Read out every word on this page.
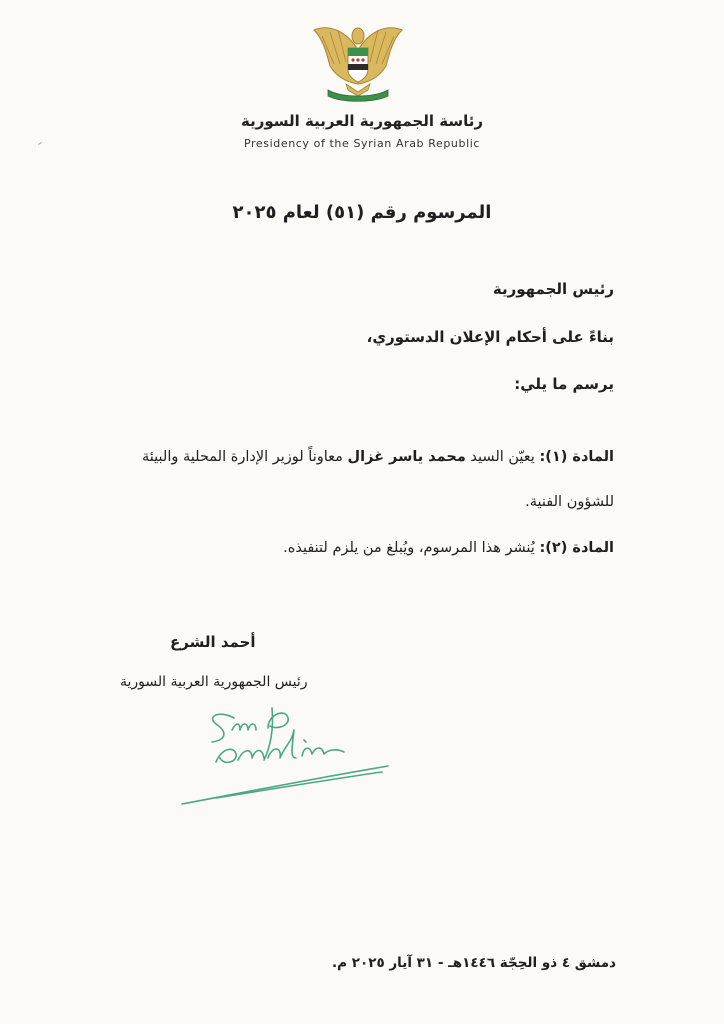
رئاسة الجمهورية العربية السورية
Presidency of the Syrian Arab Republic
المرسوم رقم (٥١) لعام ٢٠٢٥
رئيس الجمهورية
بناءً على أحكام الإعلان الدستوري،
يرسم ما يلي:
المادة (١): يعيّن السيد محمد ياسر غزال معاوناً لوزير الإدارة المحلية والبيئة
للشؤون الفنية.
المادة (٢): يُنشر هذا المرسوم، ويُبلغ من يلزم لتنفيذه.
أحمد الشرع
رئيس الجمهورية العربية السورية
دمشق ٤ ذو الحِجّة ١٤٤٦هـ - ٣١ آيار ٢٠٢٥ م.
